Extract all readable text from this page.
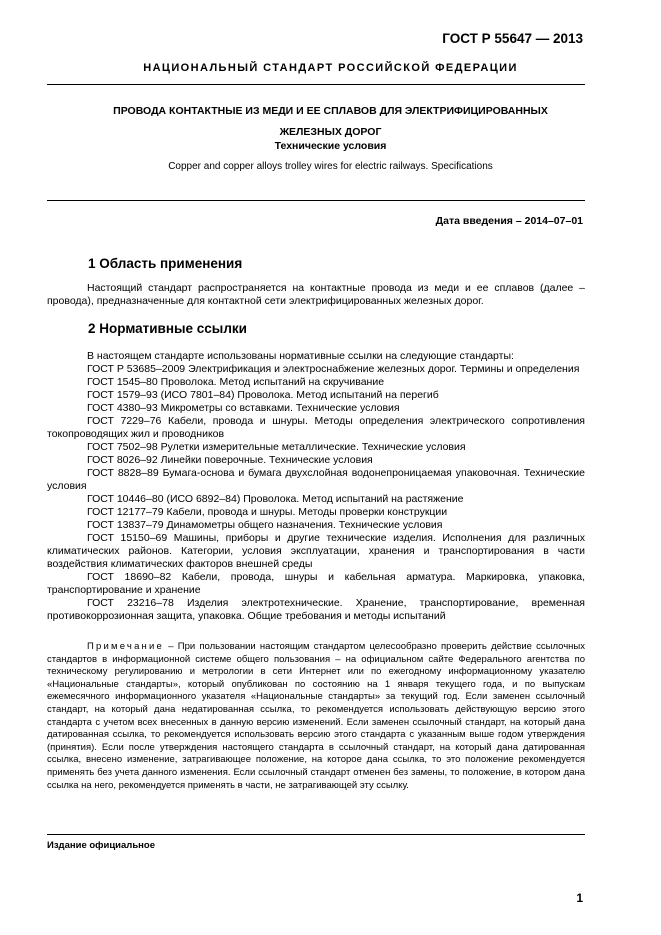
ГОСТ Р 55647 — 2013
НАЦИОНАЛЬНЫЙ СТАНДАРТ РОССИЙСКОЙ ФЕДЕРАЦИИ
ПРОВОДА КОНТАКТНЫЕ ИЗ МЕДИ И ЕЕ СПЛАВОВ ДЛЯ ЭЛЕКТРИФИЦИРОВАННЫХ
ЖЕЛЕЗНЫХ ДОРОГ
Технические условия
Copper and copper alloys trolley wires for electric railways. Specifications
Дата введения – 2014–07–01
1 Область применения
Настоящий стандарт распространяется на контактные провода из меди и ее сплавов (далее – провода), предназначенные для контактной сети электрифицированных железных дорог.
2 Нормативные ссылки

В настоящем стандарте использованы нормативные ссылки на следующие стандарты:

ГОСТ Р 53685–2009 Электрификация и электроснабжение железных дорог. Термины и определения

ГОСТ 1545–80 Проволока. Метод испытаний на скручивание

ГОСТ 1579–93 (ИСО 7801–84) Проволока. Метод испытаний на перегиб

ГОСТ 4380–93 Микрометры со вставками. Технические условия

ГОСТ 7229–76 Кабели, провода и шнуры. Методы определения электрического сопротивления токопроводящих жил и проводников

ГОСТ 7502–98 Рулетки измерительные металлические. Технические условия

ГОСТ 8026–92 Линейки поверочные. Технические условия

ГОСТ 8828–89 Бумага-основа и бумага двухслойная водонепроницаемая упаковочная. Технические условия

ГОСТ 10446–80 (ИСО 6892–84) Проволока. Метод испытаний на растяжение

ГОСТ 12177–79 Кабели, провода и шнуры. Методы проверки конструкции

ГОСТ 13837–79 Динамометры общего назначения. Технические условия

ГОСТ 15150–69 Машины, приборы и другие технические изделия. Исполнения для различных климатических районов. Категории, условия эксплуатации, хранения и транспортирования в части воздействия климатических факторов внешней среды

ГОСТ 18690–82 Кабели, провода, шнуры и кабельная арматура. Маркировка, упаковка, транспортирование и хранение

ГОСТ 23216–78 Изделия электротехнические. Хранение, транспортирование, временная противокоррозионная защита, упаковка. Общие требования и методы испытаний

Примечание – При пользовании настоящим стандартом целесообразно проверить действие ссылочных стандартов в информационной системе общего пользования – на официальном сайте Федерального агентства по техническому регулированию и метрологии в сети Интернет или по ежегодному информационному указателю «Национальные стандарты», который опубликован по состоянию на 1 января текущего года, и по выпускам ежемесячного информационного указателя «Национальные стандарты» за текущий год. Если заменен ссылочный стандарт, на который дана недатированная ссылка, то рекомендуется использовать действующую версию этого стандарта с учетом всех внесенных в данную версию изменений. Если заменен ссылочный стандарт, на который дана датированная ссылка, то рекомендуется использовать версию этого стандарта с указанным выше годом утверждения (принятия). Если после утверждения настоящего стандарта в ссылочный стандарт, на который дана датированная ссылка, внесено изменение, затрагивающее положение, на которое дана ссылка, то это положение рекомендуется применять без учета данного изменения. Если ссылочный стандарт отменен без замены, то положение, в котором дана ссылка на него, рекомендуется применять в части, не затрагивающей эту ссылку.
Издание официальное
1
